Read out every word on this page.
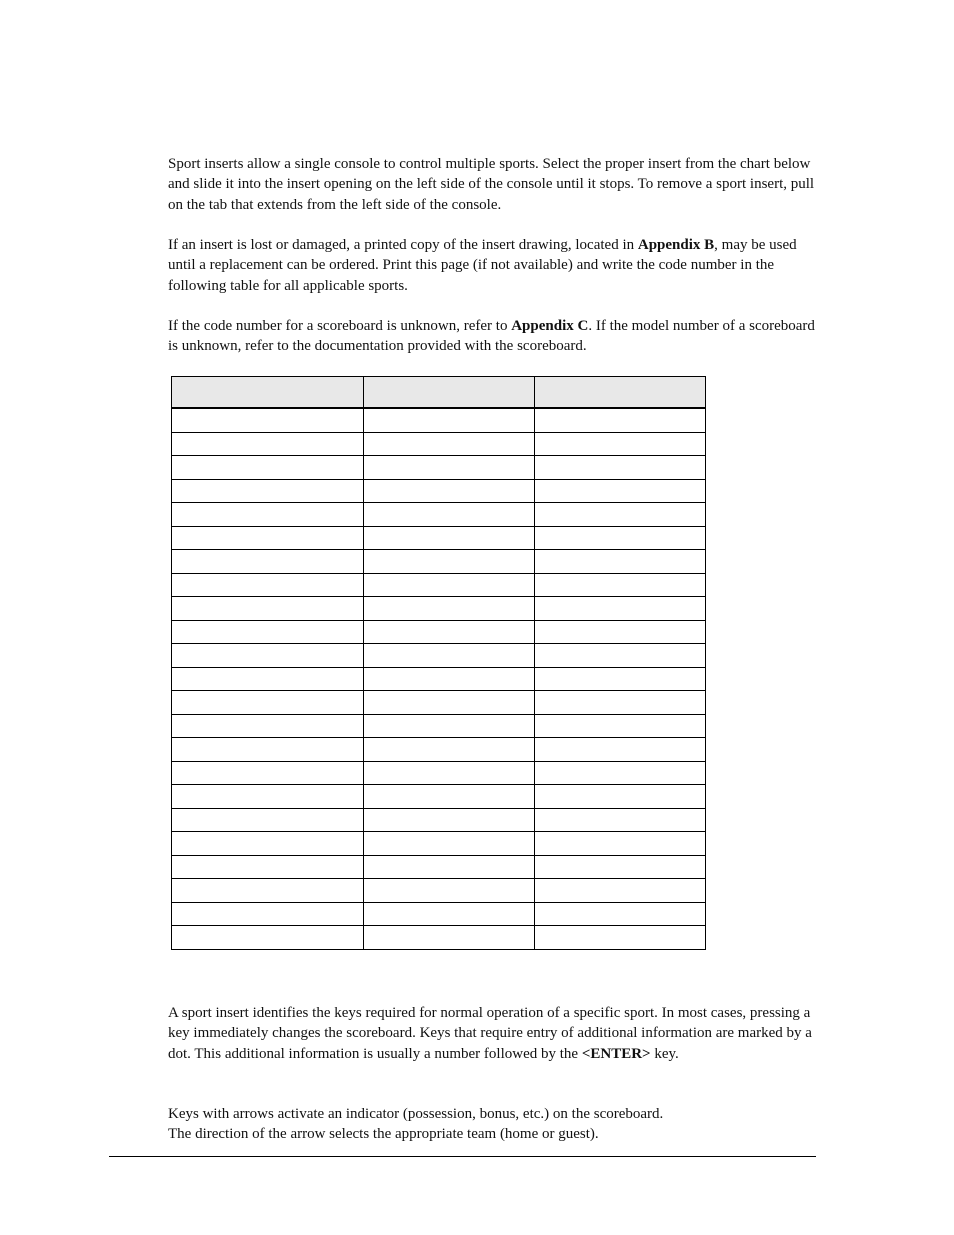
Sport inserts allow a single console to control multiple sports. Select the proper insert from the chart below and slide it into the insert opening on the left side of the console until it stops. To remove a sport insert, pull on the tab that extends from the left side of the console.

If an insert is lost or damaged, a printed copy of the insert drawing, located in Appendix B, may be used until a replacement can be ordered. Print this page (if not available) and write the code number in the following table for all applicable sports.

If the code number for a scoreboard is unknown, refer to Appendix C. If the model number of a scoreboard is unknown, refer to the documentation provided with the scoreboard.

A sport insert identifies the keys required for normal operation of a specific sport. In most cases, pressing a key immediately changes the scoreboard. Keys that require entry of additional information are marked by a dot. This additional information is usually a number followed by the <ENTER> key.

Keys with arrows activate an indicator (possession, bonus, etc.) on the scoreboard.
The direction of the arrow selects the appropriate team (home or guest).
